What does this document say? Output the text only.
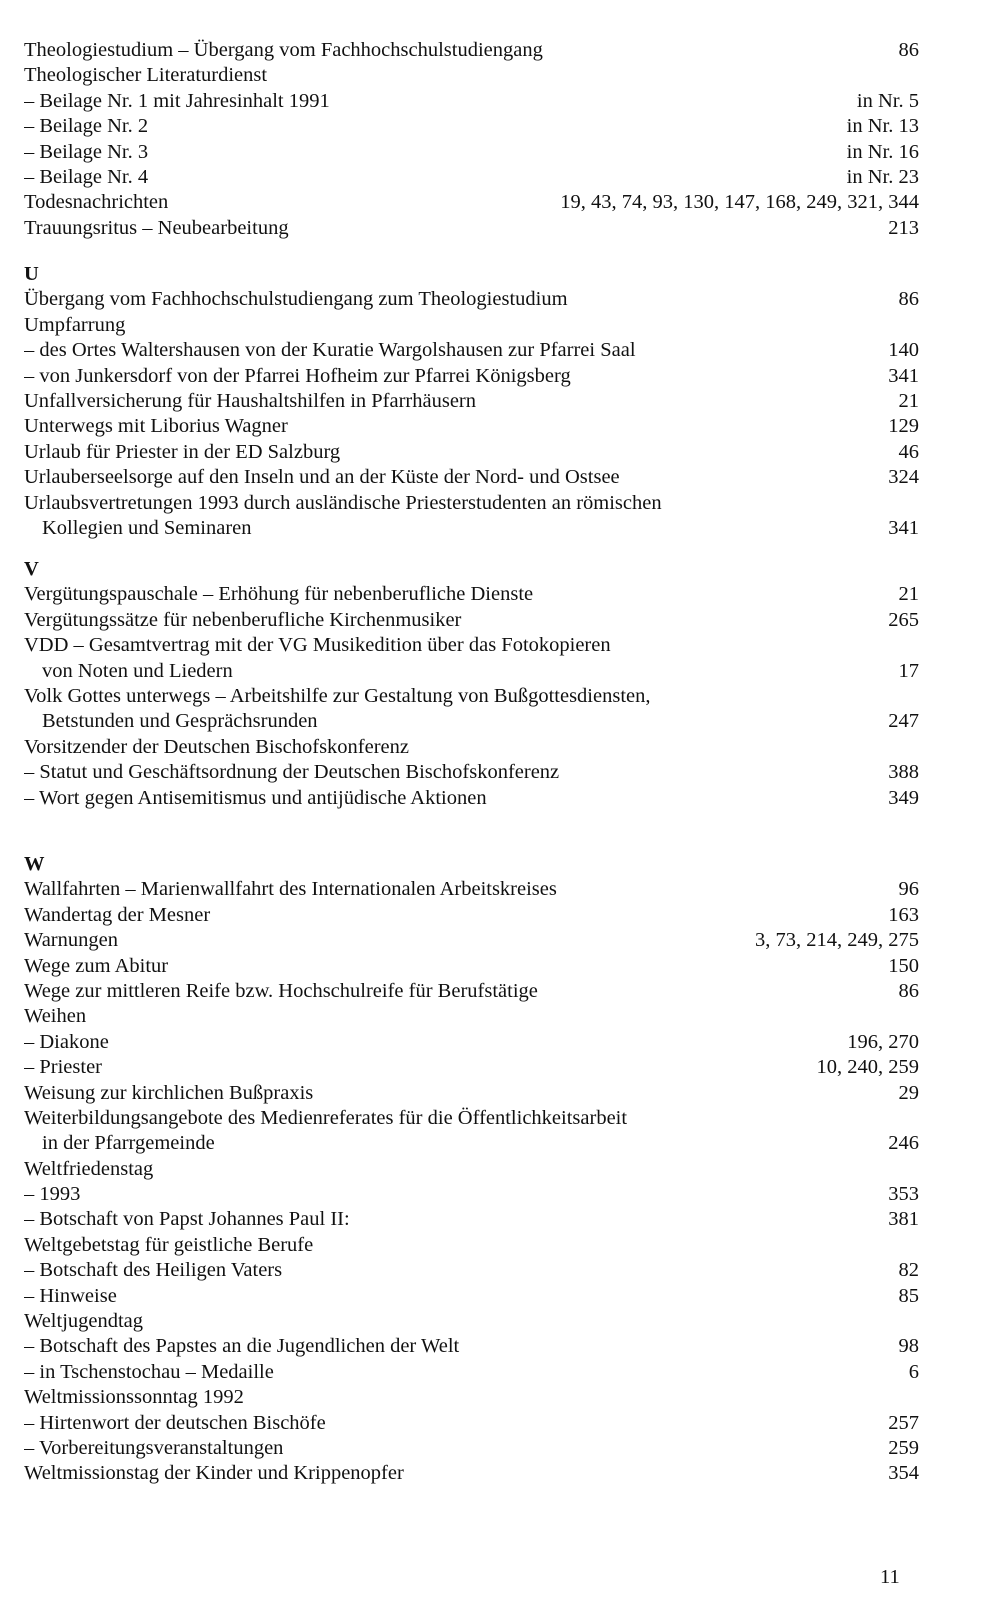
Theologiestudium – Übergang vom Fachhochschulstudiengang	86
Theologischer Literaturdienst
– Beilage Nr. 1 mit Jahresinhalt 1991	in Nr. 5
– Beilage Nr. 2	in Nr. 13
– Beilage Nr. 3	in Nr. 16
– Beilage Nr. 4	in Nr. 23
Todesnachrichten	19, 43, 74, 93, 130, 147, 168, 249, 321, 344
Trauungsritus – Neubearbeitung	213
U
Übergang vom Fachhochschulstudiengang zum Theologiestudium	86
Umpfarrung
– des Ortes Waltershausen von der Kuratie Wargolshausen zur Pfarrei Saal	140
– von Junkersdorf von der Pfarrei Hofheim zur Pfarrei Königsberg	341
Unfallversicherung für Haushaltshilfen in Pfarrhäusern	21
Unterwegs mit Liborius Wagner	129
Urlaub für Priester in der ED Salzburg	46
Urlauberseelsorge auf den Inseln und an der Küste der Nord- und Ostsee	324
Urlaubsvertretungen 1993 durch ausländische Priesterstudenten an römischen
Kollegien und Seminaren	341
V
Vergütungspauschale – Erhöhung für nebenberufliche Dienste	21
Vergütungssätze für nebenberufliche Kirchenmusiker	265
VDD – Gesamtvertrag mit der VG Musikedition über das Fotokopieren
von Noten und Liedern	17
Volk Gottes unterwegs – Arbeitshilfe zur Gestaltung von Bußgottesdiensten,
Betstunden und Gesprächsrunden	247
Vorsitzender der Deutschen Bischofskonferenz
– Statut und Geschäftsordnung der Deutschen Bischofskonferenz	388
– Wort gegen Antisemitismus und antijüdische Aktionen	349
W
Wallfahrten – Marienwallfahrt des Internationalen Arbeitskreises	96
Wandertag der Mesner	163
Warnungen	3, 73, 214, 249, 275
Wege zum Abitur	150
Wege zur mittleren Reife bzw. Hochschulreife für Berufstätige	86
Weihen
– Diakone	196, 270
– Priester	10, 240, 259
Weisung zur kirchlichen Bußpraxis	29
Weiterbildungsangebote des Medienreferates für die Öffentlichkeitsarbeit
in der Pfarrgemeinde	246
Weltfriedenstag
– 1993	353
– Botschaft von Papst Johannes Paul II:	381
Weltgebetstag für geistliche Berufe
– Botschaft des Heiligen Vaters	82
– Hinweise	85
Weltjugendtag
– Botschaft des Papstes an die Jugendlichen der Welt	98
– in Tschenstochau – Medaille	6
Weltmissionssonntag 1992
– Hirtenwort der deutschen Bischöfe	257
– Vorbereitungsveranstaltungen	259
Weltmissionstag der Kinder und Krippenopfer	354
11
